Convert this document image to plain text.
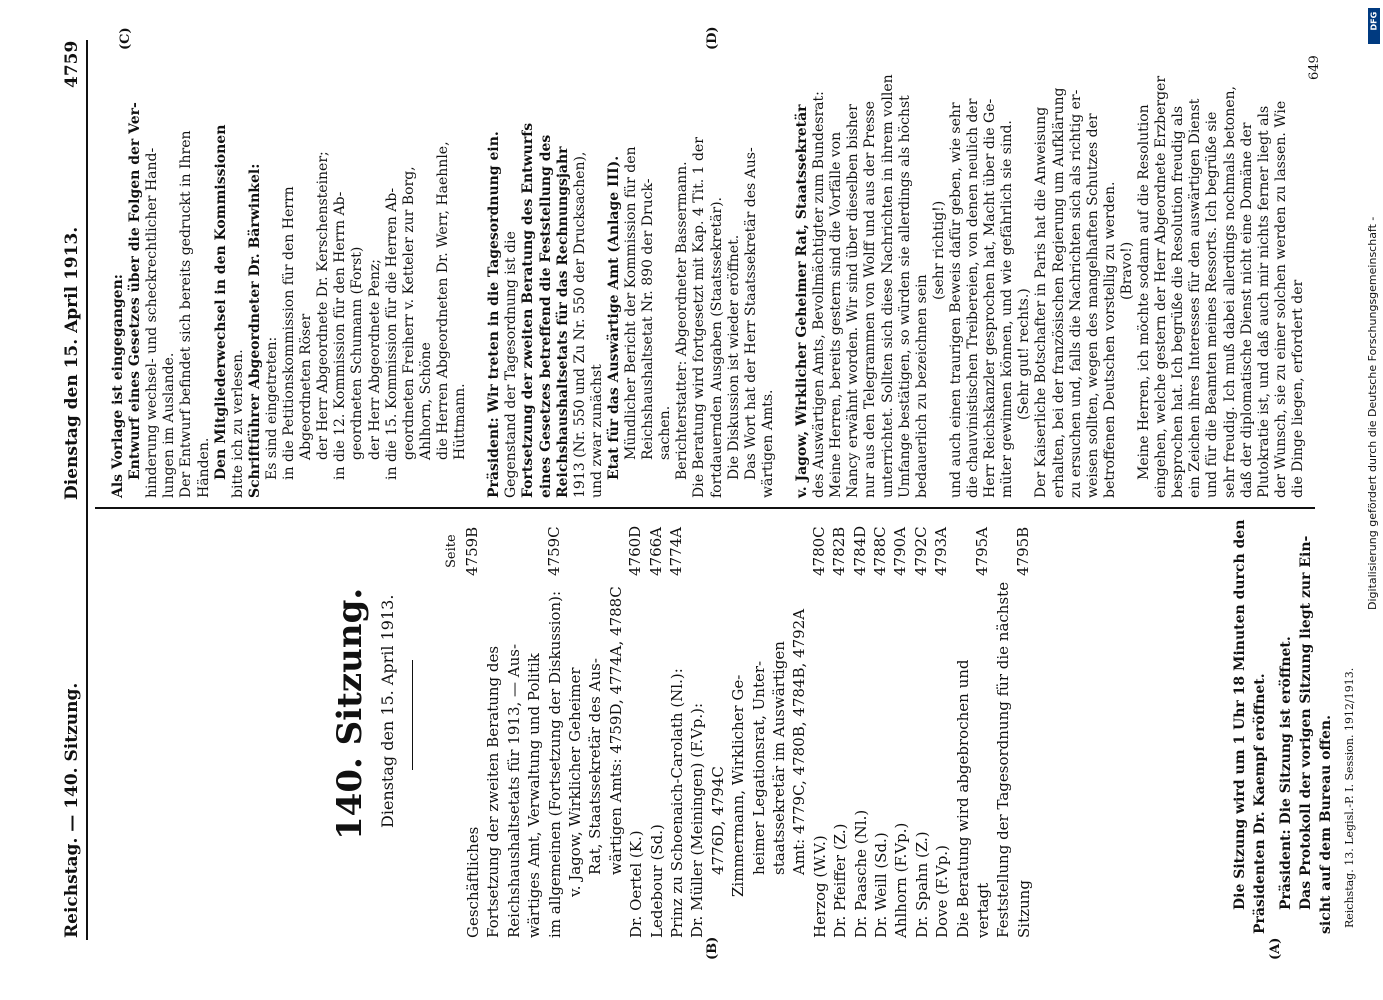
Reichstag. — 140. Sitzung.
Dienstag den 15. April 1913.
4759
(A)
(B)
(C)	(D)
140. Sitzung. Dienstag den 15. April 1913.
Seite
Geschäftliches
4759B
Fortsetzung der zweiten Beratung des Reichshaushaltsetats für 1913, — Aus- wärtiges Amt, Verwaltung und Politik im allgemeinen (Fortsetzung der Diskussion):
4759C
v. Jagow, Wirklicher Geheimer Rat, Staatssekretär des Aus- wärtigen Amts: 4759D, 4774A, 4788C
Dr. Oertel (K.)
4760D
Ledebour (Sd.)
4766A
Prinz zu Schoenaich-Carolath (Nl.):
4774A
Dr. Müller (Meiningen) (F.Vp.): 4776D, 4794C Zimmermann, Wirklicher Ge- heimer Legationsrat, Unter- staatssekretär im Auswärtigen Amt: 4779C, 4780B, 4784B, 4792A
Herzog (W.V.)
4780C
Dr. Pfeiffer (Z.)
4782B
Dr. Paasche (Nl.)
4784D
Dr. Weill (Sd.)
4788C
Ahlhorn (F.Vp.)
4790A
Dr. Spahn (Z.)
4792C
Dove (F.Vp.)
4793A
Die Beratung wird abgebrochen und vertagt
4795A
Feststellung der Tagesordnung für die nächste Sitzung
4795B	Die Sitzung wird um 1 Uhr 18 Minuten durch den Präsidenten Dr. Kaempf eröffnet. Präsident: Die Sitzung ist eröffnet. Das Protokoll der vorigen Sitzung liegt zur Ein- sicht auf dem Bureau offen. Reichstag. 13. Legisl.-P. I. Session. 1912/1913.
Als Vorlage ist eingegangen: Entwurf eines Gesetzes über die Folgen der Ver- hinderung wechsel- und scheckrechtlicher Hand- lungen im Auslande. Der Entwurf befindet sich bereits gedruckt in Ihren Händen. Den Mitgliederwechsel in den Kommissionen bitte ich zu verlesen. Schriftführer Abgeordneter Dr. Bärwinkel: Es sind eingetreten: in die Petitionskommission für den Herrn Abgeordneten Röser der Herr Abgeordnete Dr. Kerschensteiner; in die 12. Kommission für den Herrn Ab- geordneten Schumann (Forst) der Herr Abgeordnete Penz; in die 15. Kommission für die Herren Ab- geordneten Freiherr v. Ketteler zur Borg, Ahlhorn, Schöne die Herren Abgeordneten Dr. Werr, Haehnle, Hüttmann. Präsident: Wir treten in die Tagesordnung ein. Gegenstand der Tagesordnung ist die Fortsetzung der zweiten Beratung des Entwurfs eines Gesetzes betreffend die Feststellung des Reichshaushaltsetats für das Rechnungsjahr 1913 (Nr. 550 und Zu Nr. 550 der Drucksachen), und zwar zunächst Etat für das Auswärtige Amt (Anlage III). Mündlicher Bericht der Kommission für den Reichshaushaltsetat Nr. 890 der Druck- sachen. Berichterstatter: Abgeordneter Bassermann. Die Beratung wird fortgesetzt mit Kap. 4 Tit. 1 der fortdauernden Ausgaben (Staatssekretär). Die Diskussion ist wieder eröffnet. Das Wort hat der Herr Staatssekretär des Aus- wärtigen Amts. v. Jagow, Wirklicher Geheimer Rat, Staatssekretär des Auswärtigen Amts, Bevollmächtigter zum Bundesrat: Meine Herren, bereits gestern sind die Vorfälle von Nancy erwähnt worden. Wir sind über dieselben bisher nur aus den Telegrammen von Wolff und aus der Presse unterrichtet. Sollten sich diese Nachrichten in ihrem vollen Umfange bestätigen, so würden sie allerdings als höchst bedauerlich zu bezeichnen sein
(sehr richtig!) und auch einen traurigen Beweis dafür geben, wie sehr die chauvinistischen Treibereien, von denen neulich der Herr Reichskanzler gesprochen hat, Macht über die Ge- müter gewinnen können, und wie gefährlich sie sind. (Sehr gut! rechts.) Der Kaiserliche Botschafter in Paris hat die Anweisung erhalten, bei der französischen Regierung um Aufklärung zu ersuchen und, falls die Nachrichten sich als richtig er- weisen sollten, wegen des mangelhaften Schutzes der betroffenen Deutschen vorstellig zu werden. (Bravo!) Meine Herren, ich möchte sodann auf die Resolution eingehen, welche gestern der Herr Abgeordnete Erzberger besprochen hat. Ich begrüße die Resolution freudig als ein Zeichen ihres Interesses für den auswärtigen Dienst und für die Beamten meines Ressorts. Ich begrüße sie sehr freudig. Ich muß dabei allerdings nochmals betonen, daß der diplomatische Dienst nicht eine Domäne der Plutokratie ist, und daß auch mir nichts ferner liegt als der Wunsch, sie zu einer solchen werden zu lassen. Wie die Dinge liegen, erfordert der
649
Digitalisierung gefördert durch die Deutsche Forschungsgemeinschaft -
DFG
